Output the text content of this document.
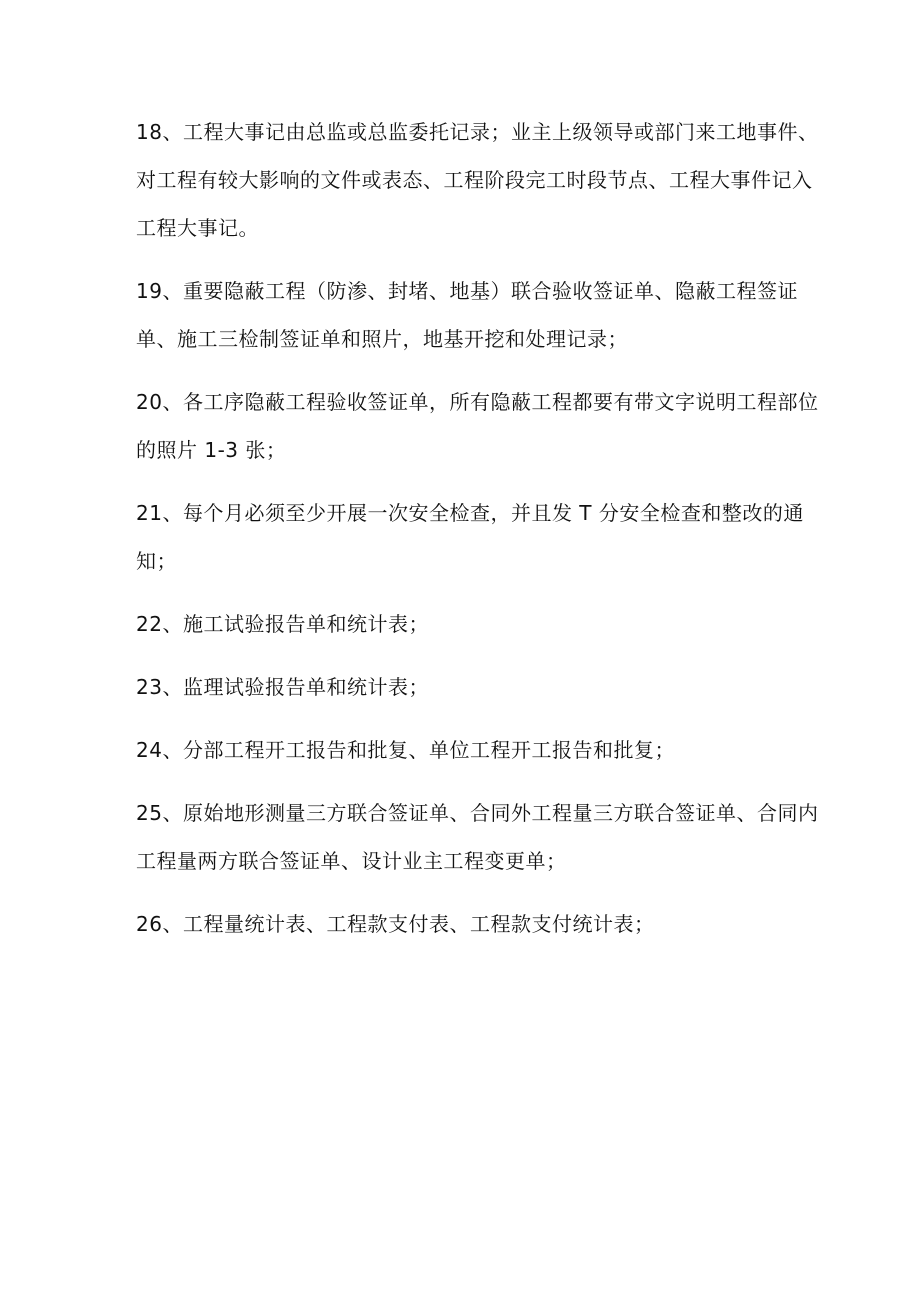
18、工程大事记由总监或总监委托记录；业主上级领导或部门来工地事件、对工程有较大影响的文件或表态、工程阶段完工时段节点、工程大事件记入工程大事记。

19、重要隐蔽工程（防渗、封堵、地基）联合验收签证单、隐蔽工程签证单、施工三检制签证单和照片，地基开挖和处理记录；

20、各工序隐蔽工程验收签证单，所有隐蔽工程都要有带文字说明工程部位的照片 1-3 张；

21、每个月必须至少开展一次安全检查，并且发 T 分安全检查和整改的通知；

22、施工试验报告单和统计表；

23、监理试验报告单和统计表；

24、分部工程开工报告和批复、单位工程开工报告和批复；

25、原始地形测量三方联合签证单、合同外工程量三方联合签证单、合同内工程量两方联合签证单、设计业主工程变更单；

26、工程量统计表、工程款支付表、工程款支付统计表；
